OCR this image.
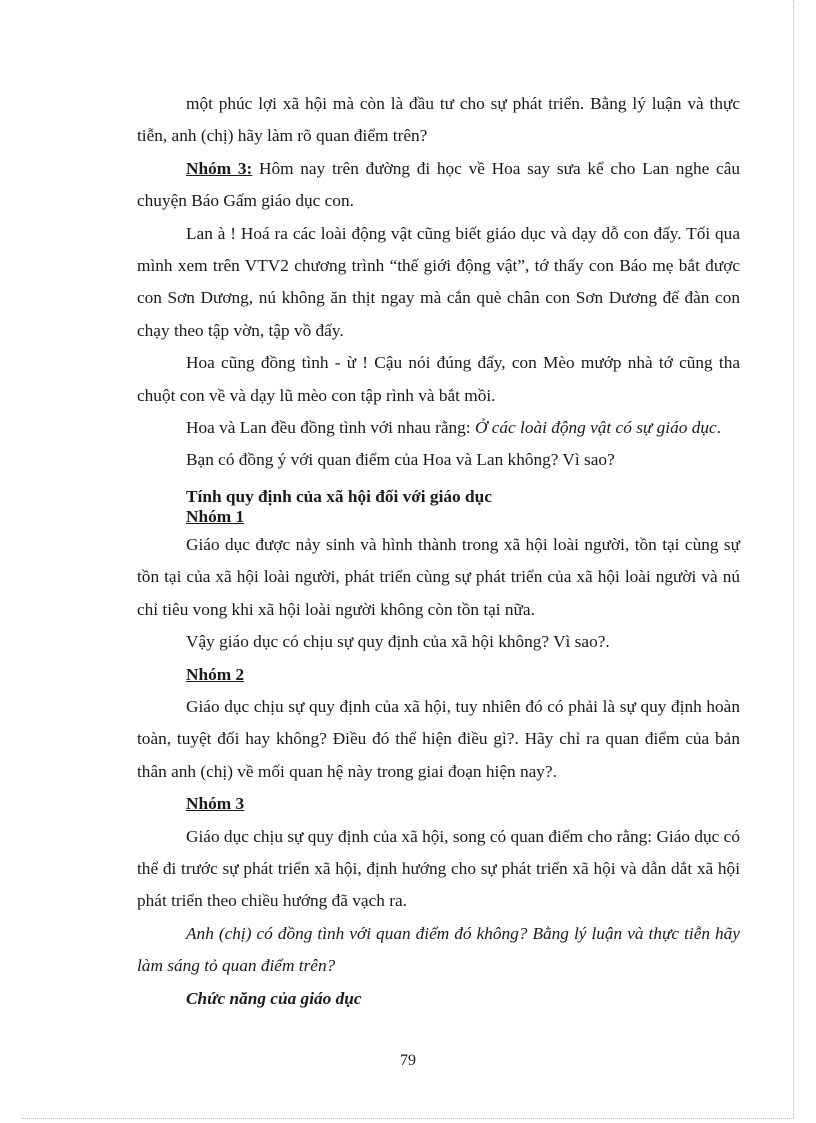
một phúc lợi xã hội mà còn là đầu tư cho sự phát triển. Bằng lý luận và thực tiễn, anh (chị) hãy làm rõ quan điểm trên?

Nhóm 3: Hôm nay trên đường đi học về Hoa say sưa kể cho Lan nghe câu chuyện Báo Gấm giáo dục con.

Lan à ! Hoá ra các loài động vật cũng biết giáo dục và dạy dỗ con đấy. Tối qua mình xem trên VTV2 chương trình “thế giới động vật”, tớ thấy con Báo mẹ bắt được con Sơn Dương, nú không ăn thịt ngay mà cắn què chân con Sơn Dương để đàn con chạy theo tập vờn, tập vồ đấy.

Hoa cũng đồng tình - ừ ! Cậu nói đúng đấy, con Mèo mướp nhà tớ cũng tha chuột con về và dạy lũ mèo con tập rình và bắt mồi.

Hoa và Lan đều đồng tình với nhau rằng: Ở các loài động vật có sự giáo dục.

Bạn có đồng ý với quan điểm của Hoa và Lan không? Vì sao?

Tính quy định của xã hội đối với giáo dục

Nhóm 1

Giáo dục được nảy sinh và hình thành trong xã hội loài người, tồn tại cùng sự tồn tại của xã hội loài người, phát triển cùng sự phát triển của xã hội loài người và nú chỉ tiêu vong khi xã hội loài người không còn tồn tại nữa.

Vậy giáo dục có chịu sự quy định của xã hội không? Vì sao?.

Nhóm 2

Giáo dục chịu sự quy định của xã hội, tuy nhiên đó có phải là sự quy định hoàn toàn, tuyệt đối hay không? Điều đó thể hiện điều gì?. Hãy chỉ ra quan điểm của bản thân anh (chị) về mối quan hệ này trong giai đoạn hiện nay?.

Nhóm 3

Giáo dục chịu sự quy định của xã hội, song có quan điểm cho rằng: Giáo dục có thể đi trước sự phát triển xã hội, định hướng cho sự phát triển xã hội và dẫn dắt xã hội phát triển theo chiều hướng đã vạch ra.

Anh (chị) có đồng tình với quan điểm đó không? Bằng lý luận và thực tiễn hãy làm sáng tỏ quan điểm trên?

Chức năng của giáo dục

79
